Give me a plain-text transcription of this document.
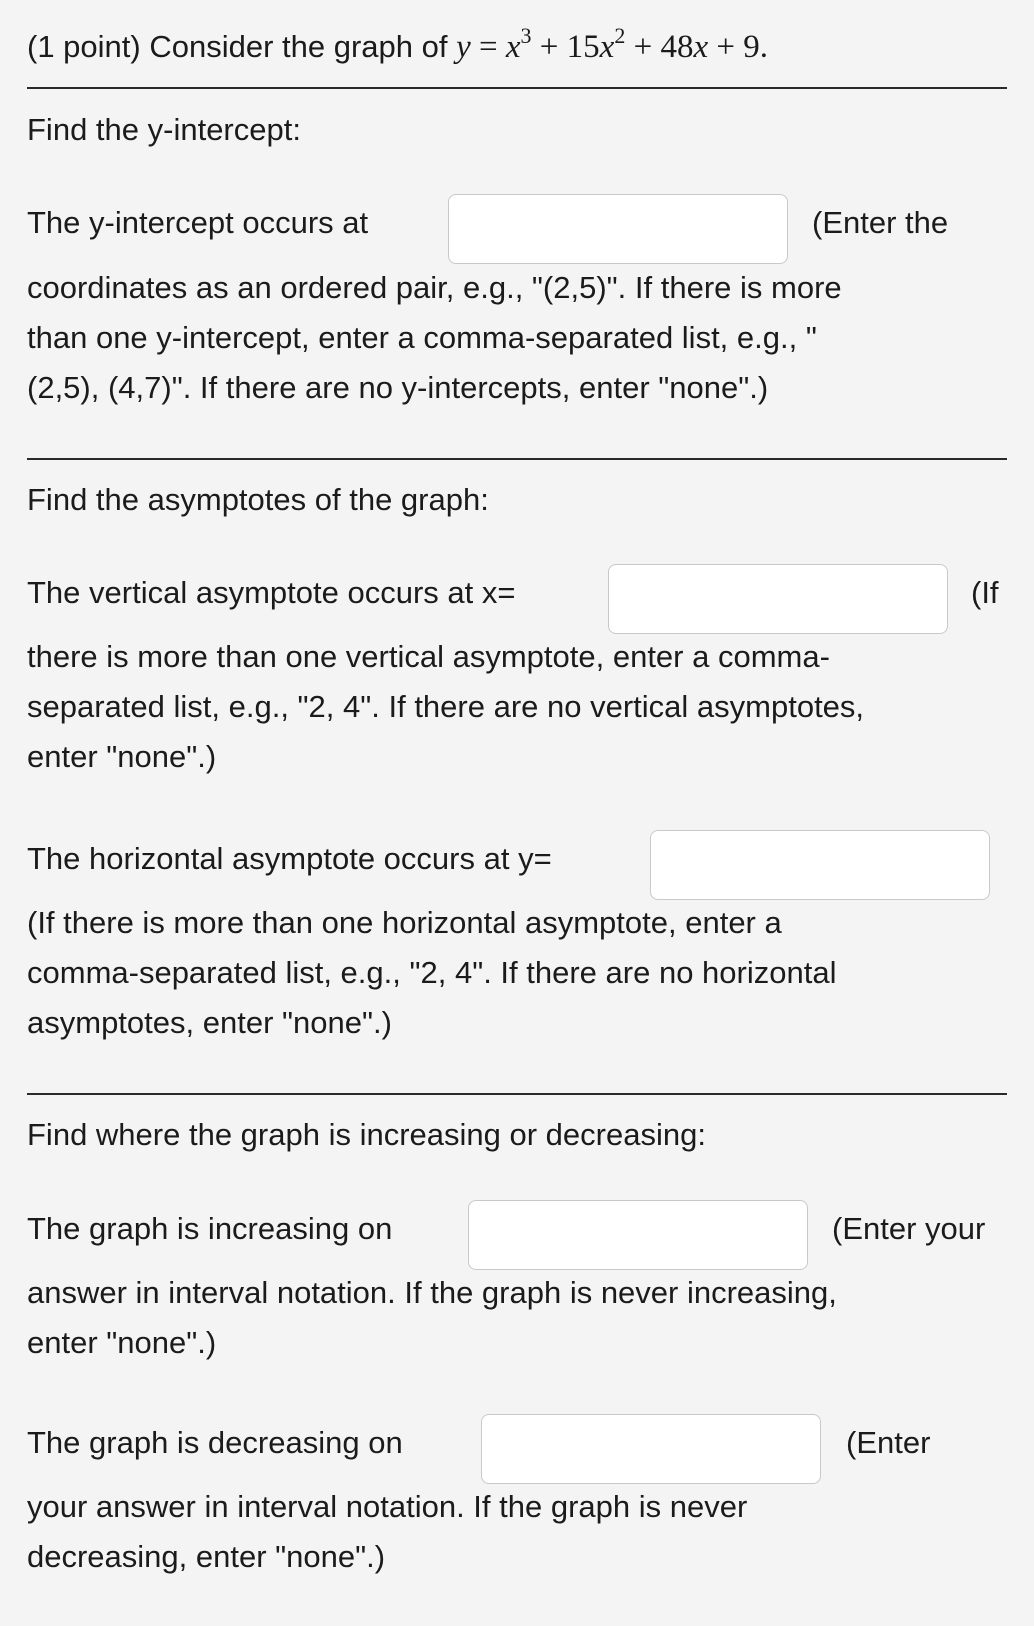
(1 point) Consider the graph of $y = x^3 + 15x^2 + 48x + 9$.
Find the y-intercept:
The y-intercept occurs at	(Enter the
coordinates as an ordered pair, e.g., "(2,5)". If there is more
than one y-intercept, enter a comma-separated list, e.g., "
(2,5), (4,7)". If there are no y-intercepts, enter "none".)
Find the asymptotes of the graph:
The vertical asymptote occurs at x=	(If
there is more than one vertical asymptote, enter a comma-
separated list, e.g., "2, 4". If there are no vertical asymptotes,
enter "none".)
The horizontal asymptote occurs at y=
(If there is more than one horizontal asymptote, enter a
comma-separated list, e.g., "2, 4". If there are no horizontal
asymptotes, enter "none".)
Find where the graph is increasing or decreasing:
The graph is increasing on	(Enter your
answer in interval notation. If the graph is never increasing,
enter "none".)
The graph is decreasing on	(Enter
your answer in interval notation. If the graph is never
decreasing, enter "none".)
